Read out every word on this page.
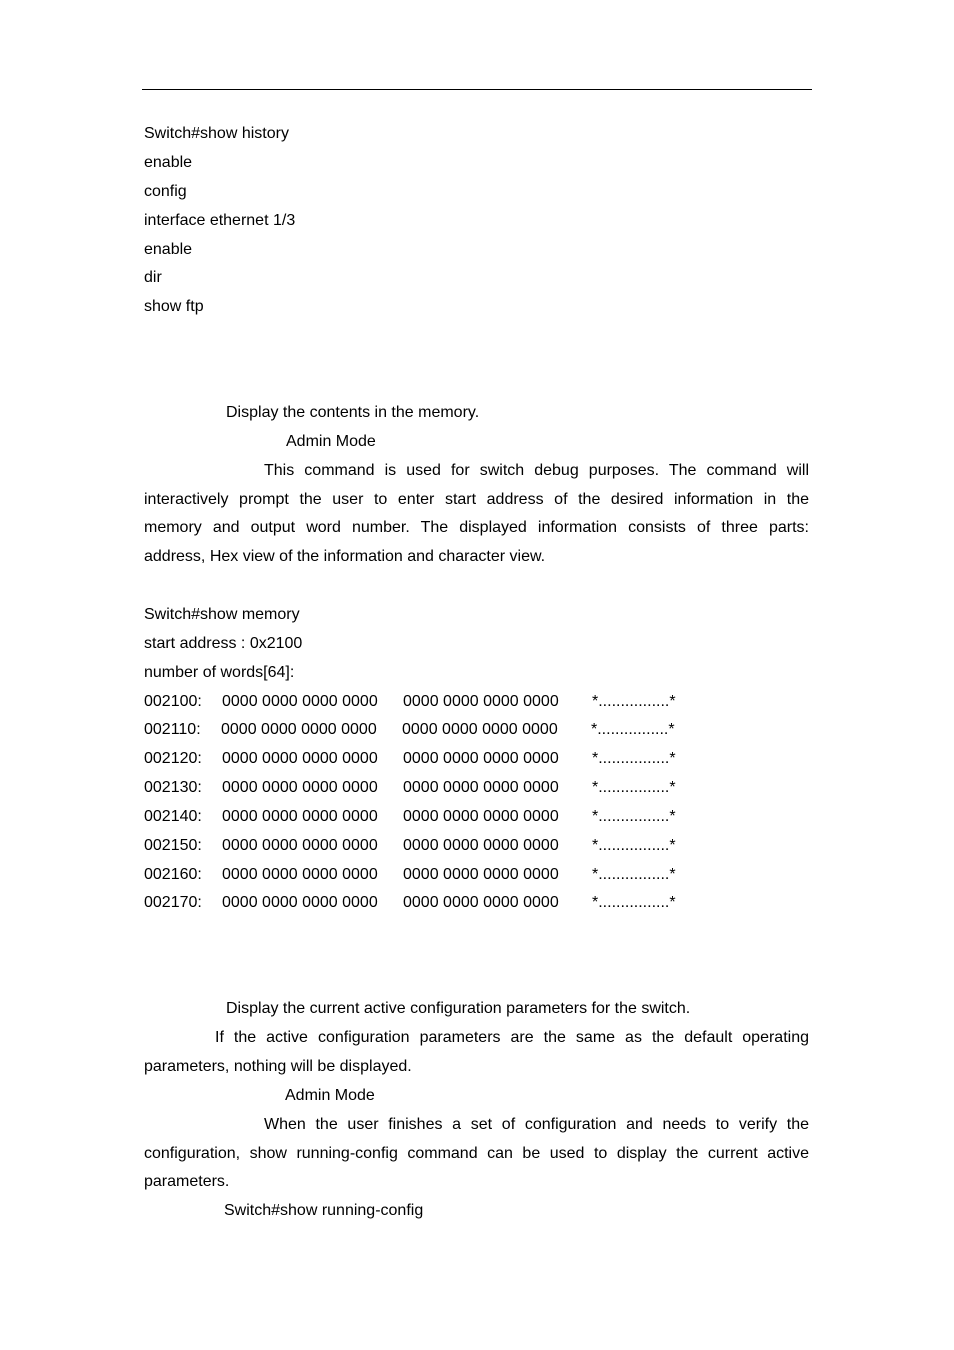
Switch#show history
enable
config
interface ethernet 1/3
enable
dir
show ftp
Display the contents in the memory.
Admin Mode
This command is used for switch debug purposes. The command will
interactively prompt the user to enter start address of the desired information in the
memory and output word number. The displayed information consists of three parts:
address, Hex view of the information and character view.
Switch#show memory
start address : 0x2100
number of words[64]:
002100: 0000 0000 0000 0000 0000 0000 0000 0000 *................*
002110: 0000 0000 0000 0000 0000 0000 0000 0000 *................*
002120: 0000 0000 0000 0000 0000 0000 0000 0000 *................*
002130: 0000 0000 0000 0000 0000 0000 0000 0000 *................*
002140: 0000 0000 0000 0000 0000 0000 0000 0000 *................*
002150: 0000 0000 0000 0000 0000 0000 0000 0000 *................*
002160: 0000 0000 0000 0000 0000 0000 0000 0000 *................*
002170: 0000 0000 0000 0000 0000 0000 0000 0000 *................*
Display the current active configuration parameters for the switch.
If the active configuration parameters are the same as the default operating
parameters, nothing will be displayed.
Admin Mode
When the user finishes a set of configuration and needs to verify the
configuration, show running-config command can be used to display the current active
parameters.
Switch#show running-config
